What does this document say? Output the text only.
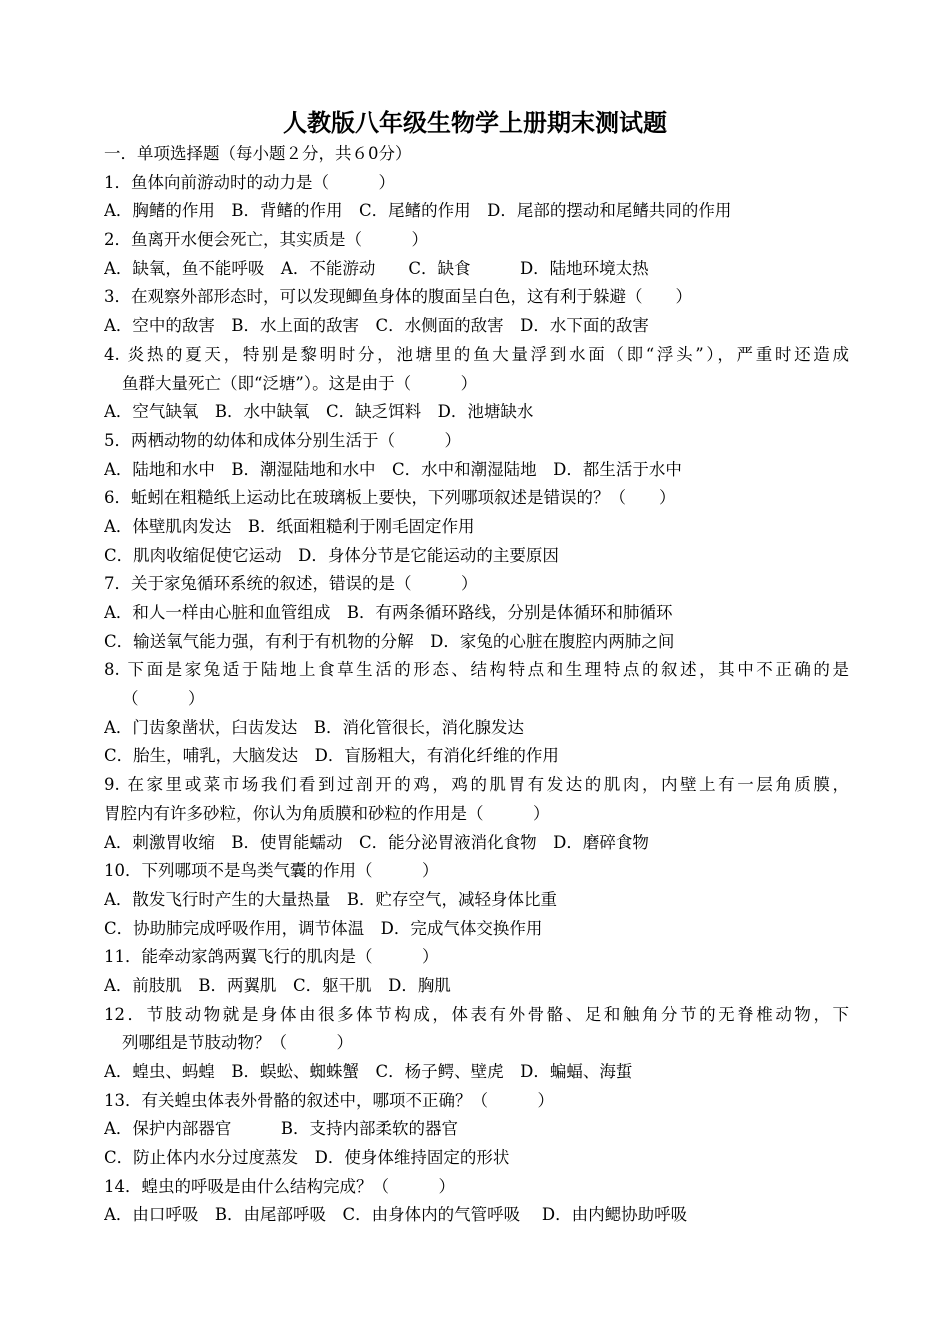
人教版八年级生物学上册期末测试题
一．单项选择题（每小题２分，共６0分）
1．鱼体向前游动时的动力是（　　　）
A．胸鳍的作用　B．背鳍的作用　C．尾鳍的作用　D．尾部的摆动和尾鳍共同的作用
2．鱼离开水便会死亡，其实质是（　　　）
A．缺氧，鱼不能呼吸　A．不能游动　　C．缺食　　　D．陆地环境太热
3．在观察外部形态时，可以发现鲫鱼身体的腹面呈白色，这有利于躲避（　　）
A．空中的敌害　B．水上面的敌害　C．水侧面的敌害　D．水下面的敌害
4. 炎热的夏天，特别是黎明时分，池塘里的鱼大量浮到水面（即“浮头”），严重时还造成
鱼群大量死亡（即“泛塘”）。这是由于（　　　）
A．空气缺氧　B．水中缺氧　C．缺乏饵料　D．池塘缺水
5．两栖动物的幼体和成体分别生活于（　　　）
A．陆地和水中　B．潮湿陆地和水中　C．水中和潮湿陆地　D．都生活于水中
6．蚯蚓在粗糙纸上运动比在玻璃板上要快，下列哪项叙述是错误的？（　　）
A．体壁肌肉发达　B．纸面粗糙利于刚毛固定作用
C．肌肉收缩促使它运动　D．身体分节是它能运动的主要原因
7．关于家兔循环系统的叙述，错误的是（　　　）
A．和人一样由心脏和血管组成　B．有两条循环路线，分别是体循环和肺循环
C．输送氧气能力强，有利于有机物的分解　D．家兔的心脏在腹腔内两肺之间
8. 下面是家兔适于陆地上食草生活的形态、结构特点和生理特点的叙述，其中不正确的是
（　　　）
A．门齿象凿状，臼齿发达　B．消化管很长，消化腺发达
C．胎生，哺乳，大脑发达　D．盲肠粗大，有消化纤维的作用
9. 在家里或菜市场我们看到过剖开的鸡，鸡的肌胃有发达的肌肉，内壁上有一层角质膜，
胃腔内有许多砂粒，你认为角质膜和砂粒的作用是（　　　）
A．刺激胃收缩　B．使胃能蠕动　C．能分泌胃液消化食物　D．磨碎食物
10．下列哪项不是鸟类气囊的作用（　　　）
A．散发飞行时产生的大量热量　B．贮存空气，减轻身体比重
C．协助肺完成呼吸作用，调节体温　D．完成气体交换作用
11．能牵动家鸽两翼飞行的肌肉是（　　　）
A．前肢肌　B．两翼肌　C．躯干肌　D．胸肌
12．节肢动物就是身体由很多体节构成，体表有外骨骼、足和触角分节的无脊椎动物，下
列哪组是节肢动物？（　　　）
A．蝗虫、蚂蝗　B．蜈蚣、蜘蛛蟹　C．杨子鳄、壁虎　D．蝙蝠、海蜇
13．有关蝗虫体表外骨骼的叙述中，哪项不正确？（　　　）
A．保护内部器官　　　B．支持内部柔软的器官
C．防止体内水分过度蒸发　D．使身体维持固定的形状
14．蝗虫的呼吸是由什么结构完成？（　　　）
A．由口呼吸　B．由尾部呼吸　C．由身体内的气管呼吸　 D．由内鳃协助呼吸
